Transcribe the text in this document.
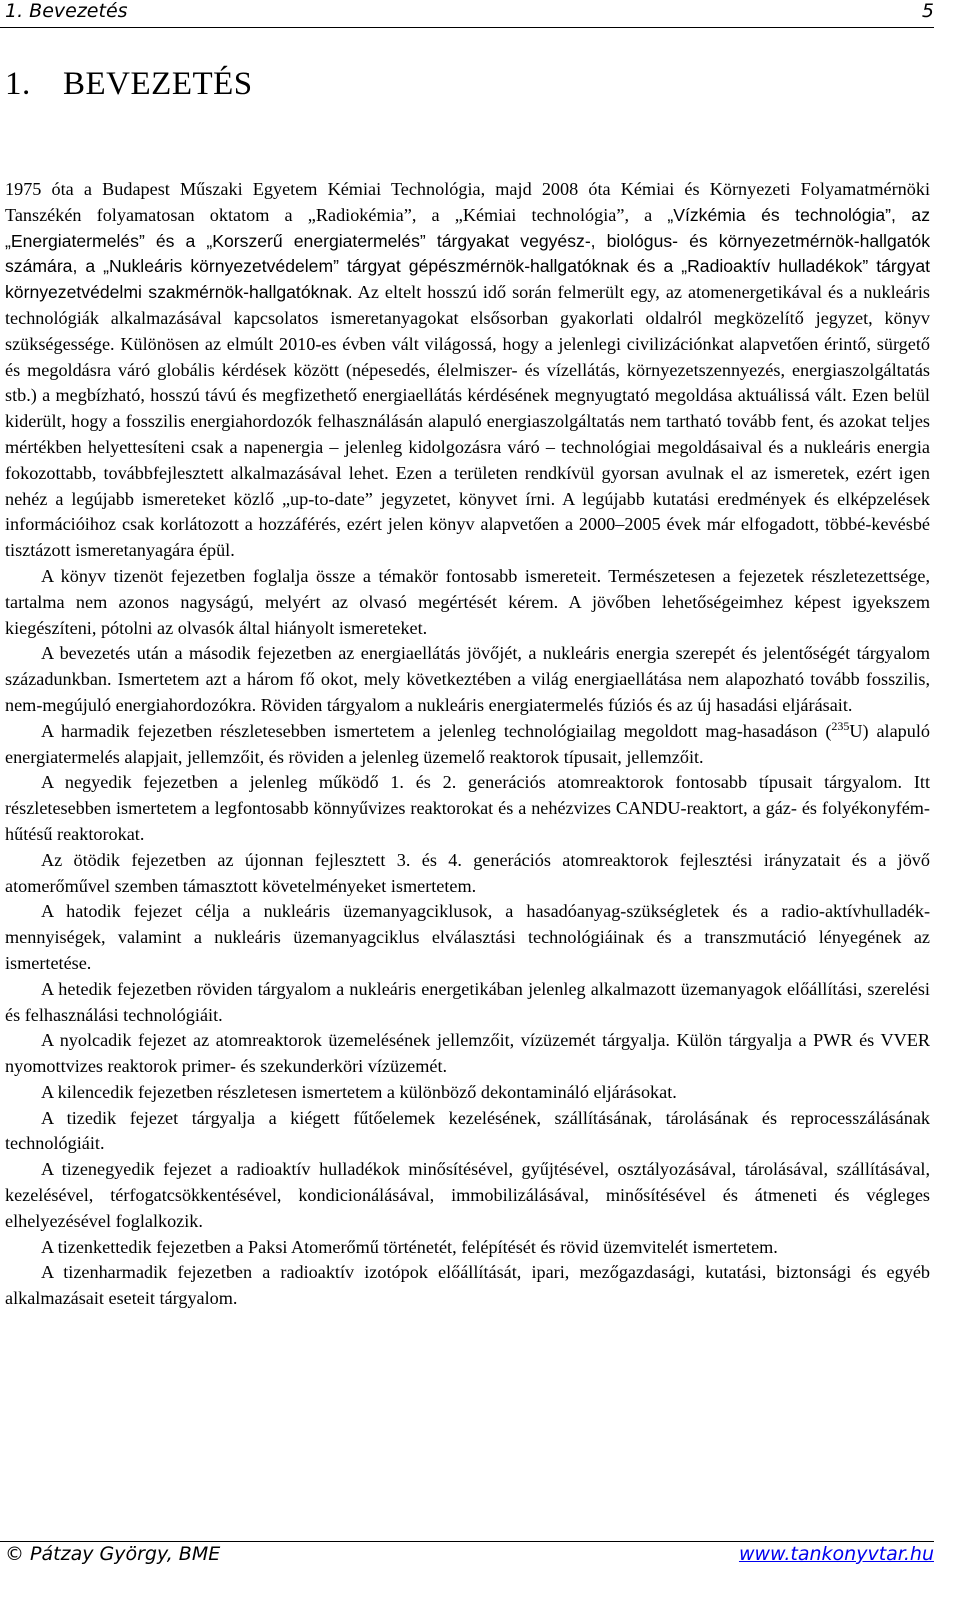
1. Bevezetés	5
1. BEVEZETÉS

1975 óta a Budapest Műszaki Egyetem Kémiai Technológia, majd 2008 óta Kémiai és Környezeti Folyamatmérnöki Tanszékén folyamatosan oktatom a „Radiokémia”, a „Kémiai technológia”, a „Vízkémia és technológia”, az „Energiatermelés” és a „Korszerű energiatermelés” tárgyakat vegyész-, biológus- és környezetmérnök-hallgatók számára, a „Nukleáris környezetvédelem” tárgyat gépészmérnök-hallgatóknak és a „Radioaktív hulladékok” tárgyat környezetvédelmi szakmérnök-hallgatóknak. Az eltelt hosszú idő során felmerült egy, az atomenergetikával és a nukleáris technológiák alkalmazásával kapcsolatos ismeretanyagokat elsősorban gyakorlati oldalról megközelítő jegyzet, könyv szükségessége. Különösen az elmúlt 2010-es évben vált világossá, hogy a jelenlegi civilizációnkat alapvetően érintő, sürgető és megoldásra váró globális kérdések között (népesedés, élelmiszer- és vízellátás, környezetszennyezés, energiaszolgáltatás stb.) a megbízható, hosszú távú és megfizethető energiaellátás kérdésének megnyugtató megoldása aktuálissá vált. Ezen belül kiderült, hogy a fosszilis energiahordozók felhasználásán alapuló energiaszolgáltatás nem tartható tovább fent, és azokat teljes mértékben helyettesíteni csak a napenergia – jelenleg kidolgozásra váró – technológiai megoldásaival és a nukleáris energia fokozottabb, továbbfejlesztett alkalmazásával lehet. Ezen a területen rendkívül gyorsan avulnak el az ismeretek, ezért igen nehéz a legújabb ismereteket közlő „up-to-date” jegyzetet, könyvet írni. A legújabb kutatási eredmények és elképzelések információihoz csak korlátozott a hozzáférés, ezért jelen könyv alapvetően a 2000–2005 évek már elfogadott, többé-kevésbé tisztázott ismeretanyagára épül.

A könyv tizenöt fejezetben foglalja össze a témakör fontosabb ismereteit. Természetesen a fejezetek részletezettsége, tartalma nem azonos nagyságú, melyért az olvasó megértését kérem. A jövőben lehetőségeimhez képest igyekszem kiegészíteni, pótolni az olvasók által hiányolt ismereteket.

A bevezetés után a második fejezetben az energiaellátás jövőjét, a nukleáris energia szerepét és jelentőségét tárgyalom századunkban. Ismertetem azt a három fő okot, mely következtében a világ energiaellátása nem alapozható tovább fosszilis, nem-megújuló energiahordozókra. Röviden tárgyalom a nukleáris energiatermelés fúziós és az új hasadási eljárásait.

A harmadik fejezetben részletesebben ismertetem a jelenleg technológiailag megoldott mag-hasadáson ($^{235}$U) alapuló energiatermelés alapjait, jellemzőit, és röviden a jelenleg üzemelő reaktorok típusait, jellemzőit.

A negyedik fejezetben a jelenleg működő 1. és 2. generációs atomreaktorok fontosabb típusait tárgyalom. Itt részletesebben ismertetem a legfontosabb könnyűvizes reaktorokat és a nehézvizes CANDU-reaktort, a gáz- és folyékonyfém-hűtésű reaktorokat.

Az ötödik fejezetben az újonnan fejlesztett 3. és 4. generációs atomreaktorok fejlesztési irányzatait és a jövő atomerőművel szemben támasztott követelményeket ismertetem.

A hatodik fejezet célja a nukleáris üzemanyagciklusok, a hasadóanyag-szükségletek és a radio-aktívhulladék-mennyiségek, valamint a nukleáris üzemanyagciklus elválasztási technológiáinak és a transzmutáció lényegének az ismertetése.

A hetedik fejezetben röviden tárgyalom a nukleáris energetikában jelenleg alkalmazott üzemanyagok előállítási, szerelési és felhasználási technológiáit.

A nyolcadik fejezet az atomreaktorok üzemelésének jellemzőit, vízüzemét tárgyalja. Külön tárgyalja a PWR és VVER nyomottvizes reaktorok primer- és szekunderköri vízüzemét.

A kilencedik fejezetben részletesen ismertetem a különböző dekontamináló eljárásokat.

A tizedik fejezet tárgyalja a kiégett fűtőelemek kezelésének, szállításának, tárolásának és reprocesszálásának technológiáit.

A tizenegyedik fejezet a radioaktív hulladékok minősítésével, gyűjtésével, osztályozásával, tárolásával, szállításával, kezelésével, térfogatcsökkentésével, kondicionálásával, immobilizálásával, minősítésével és átmeneti és végleges elhelyezésével foglalkozik.

A tizenkettedik fejezetben a Paksi Atomerőmű történetét, felépítését és rövid üzemvitelét ismertetem.

A tizenharmadik fejezetben a radioaktív izotópok előállítását, ipari, mezőgazdasági, kutatási, biztonsági és egyéb alkalmazásait eseteit tárgyalom.

© Pátzay György, BME	www.tankonyvtar.hu
